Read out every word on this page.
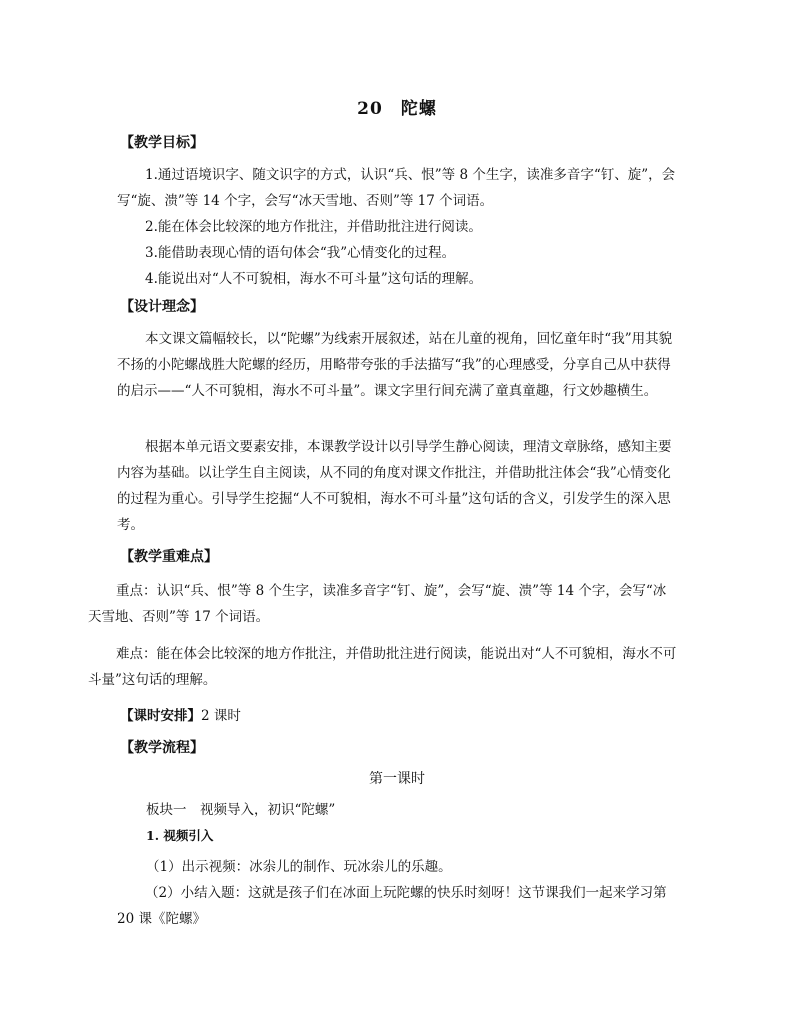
20　陀螺
【教学目标】
1.通过语境识字、随文识字的方式，认识“兵、恨”等 8 个生字，读准多音字“钉、旋”，会写“旋、溃”等 14 个字，会写“冰天雪地、否则”等 17 个词语。
2.能在体会比较深的地方作批注，并借助批注进行阅读。
3.能借助表现心情的语句体会“我”心情变化的过程。
4.能说出对“人不可貌相，海水不可斗量”这句话的理解。
【设计理念】
本文课文篇幅较长，以“陀螺”为线索开展叙述，站在儿童的视角，回忆童年时“我”用其貌不扬的小陀螺战胜大陀螺的经历，用略带夸张的手法描写“我”的心理感受，分享自己从中获得的启示——“人不可貌相，海水不可斗量”。课文字里行间充满了童真童趣，行文妙趣横生。
根据本单元语文要素安排，本课教学设计以引导学生静心阅读，理清文章脉络，感知主要内容为基础。以让学生自主阅读，从不同的角度对课文作批注，并借助批注体会“我”心情变化的过程为重心。引导学生挖掘“人不可貌相，海水不可斗量”这句话的含义，引发学生的深入思考。
【教学重难点】
重点：认识“兵、恨”等 8 个生字，读准多音字“钉、旋”，会写“旋、溃”等 14 个字，会写“冰天雪地、否则”等 17 个词语。
难点：能在体会比较深的地方作批注，并借助批注进行阅读，能说出对“人不可貌相，海水不可斗量”这句话的理解。
【课时安排】2 课时
【教学流程】
第一课时
板块一　视频导入，初识“陀螺”
1. 视频引入
（1）出示视频：冰尜儿的制作、玩冰尜儿的乐趣。
（2）小结入题：这就是孩子们在冰面上玩陀螺的快乐时刻呀！这节课我们一起来学习第 20 课《陀螺》
